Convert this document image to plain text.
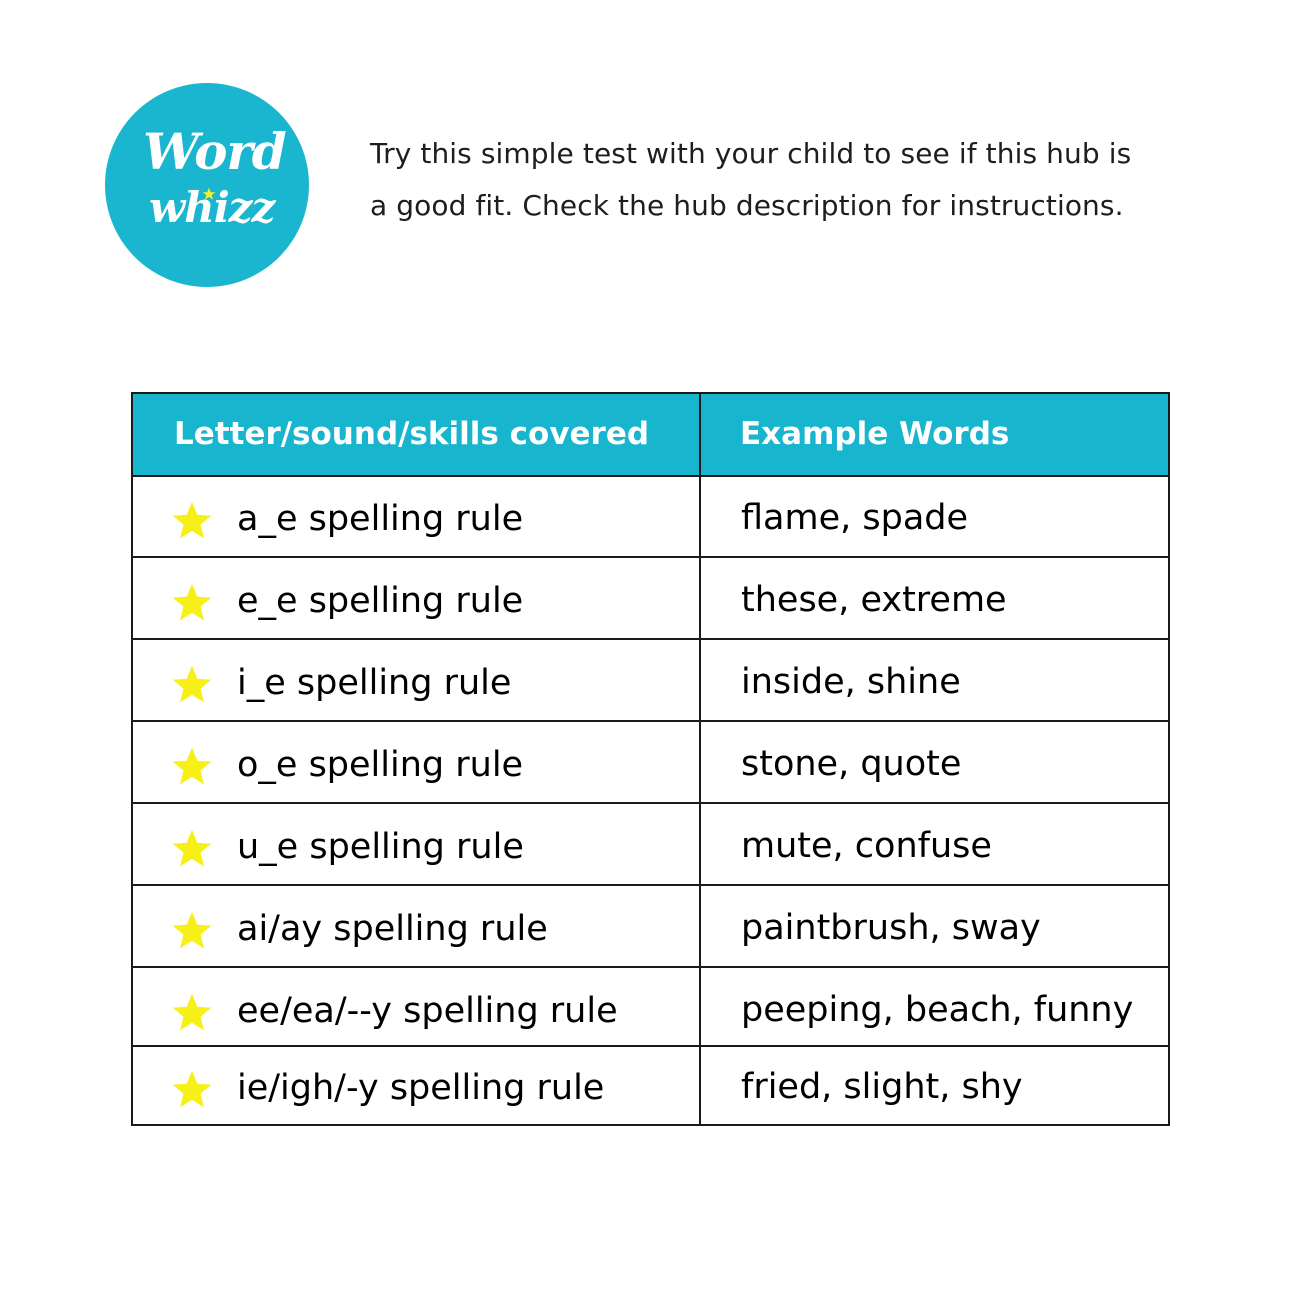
Word
whizz

Try this simple test with your child to see if this hub is
a good fit. Check the hub description for instructions.

Letter/sound/skills covered	Example Words
a_e spelling rule	flame, spade
e_e spelling rule	these, extreme
i_e spelling rule	inside, shine
o_e spelling rule	stone, quote
u_e spelling rule	mute, confuse
ai/ay spelling rule	paintbrush, sway
ee/ea/--y spelling rule	peeping, beach, funny
ie/igh/-y spelling rule	fried, slight, shy
